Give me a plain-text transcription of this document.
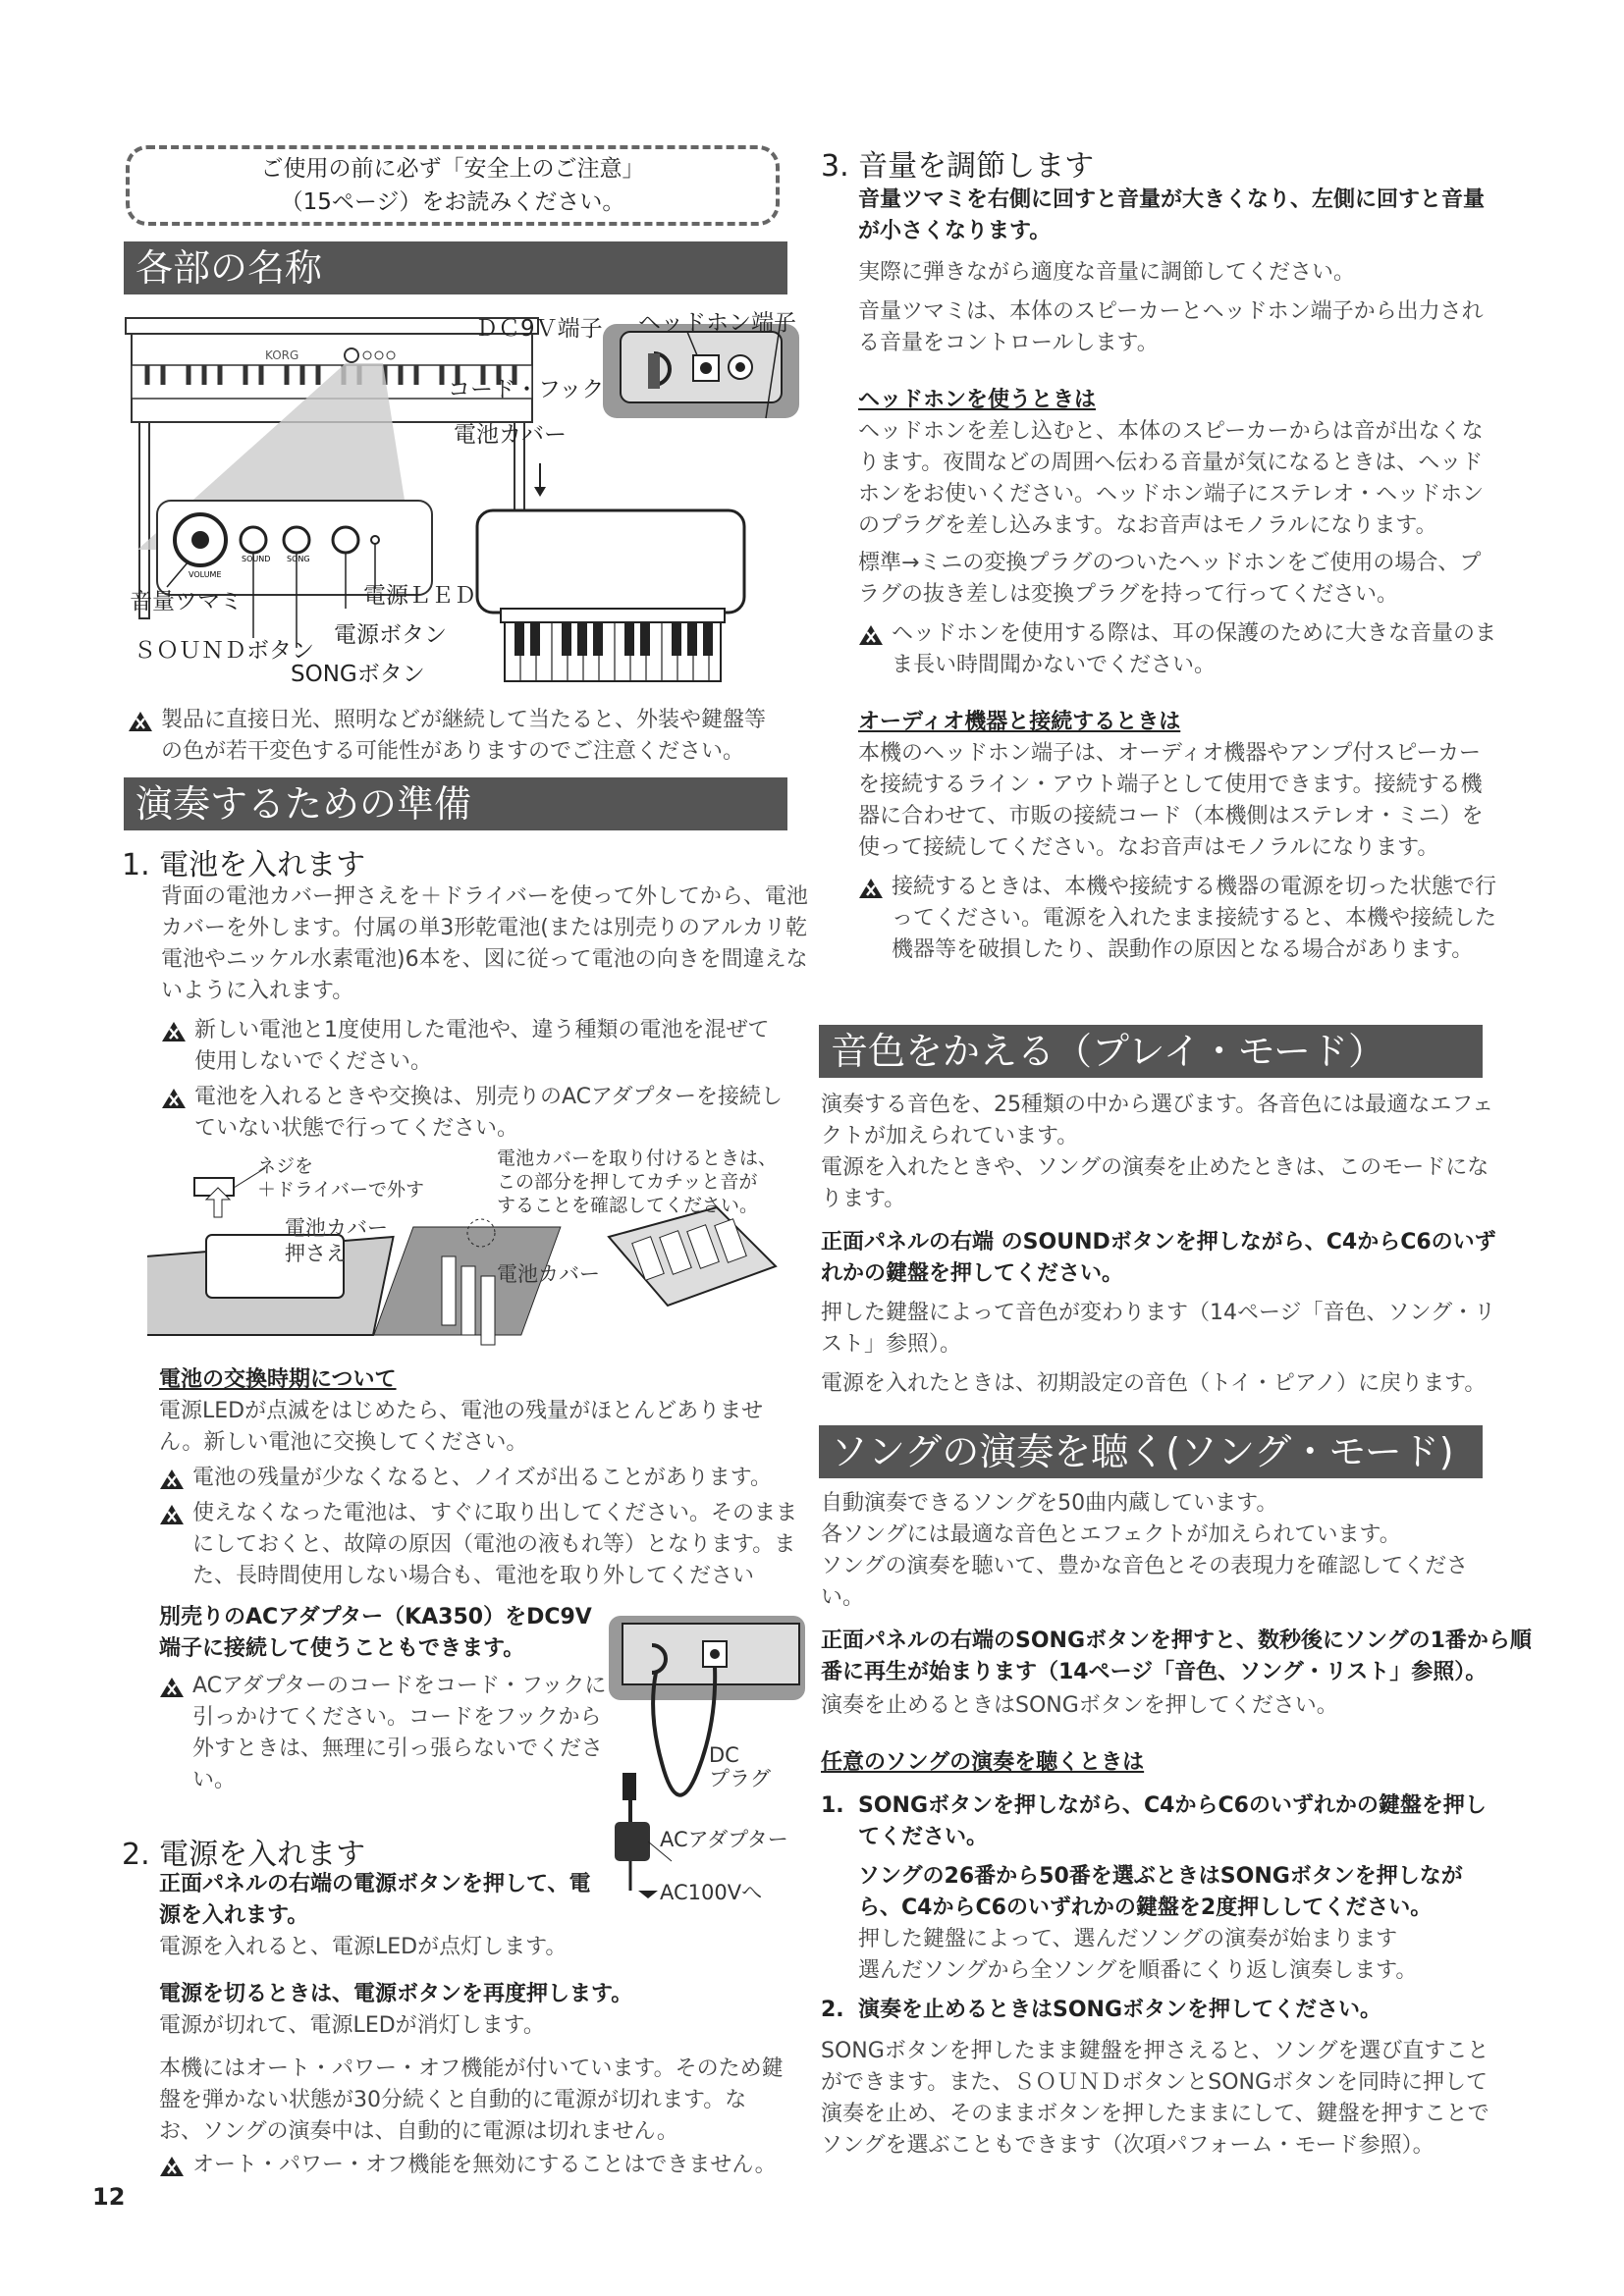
ご使用の前に必ず「安全上のご注意」
（15ページ）をお読みください。
各部の名称
KORG
VOLUME
SOUND SONG
ＤＣ9Ｖ端子 ヘッドホン端子
コード・フック
電池カバー
音量ツマミ	電源ＬＥＤ
ＳＯＵＮＤボタン
電源ボタン
SONGボタン
製品に直接日光、照明などが継続して当たると、外装や鍵盤等の色が若干変色する可能性がありますのでご注意ください。
演奏するための準備
1. 電池を入れます
背面の電池カバー押さえを＋ドライバーを使って外してから、電池カバーを外します。付属の単3形乾電池(または別売りのアルカリ乾電池やニッケル水素電池)6本を、図に従って電池の向きを間違えないように入れます。
新しい電池と1度使用した電池や、違う種類の電池を混ぜて使用しないでください。
電池を入れるときや交換は、別売りのACアダプターを接続していない状態で行ってください。
ネジを
＋ドライバーで外す
電池カバー
押さえ
電池カバーを取り付けるときは、
この部分を押してカチッと音が
することを確認してください。
電池カバー
電池の交換時期について
電源LEDが点滅をはじめたら、電池の残量がほとんどありません。新しい電池に交換してください。
電池の残量が少なくなると、ノイズが出ることがあります。
使えなくなった電池は、すぐに取り出してください。そのままにしておくと、故障の原因（電池の液もれ等）となります。また、長時間使用しない場合も、電池を取り外してください
別売りのACアダプター（KA350）をDC9V端子に接続して使うこともできます。
ACアダプターのコードをコード・フックに引っかけてください。コードをフックから外すときは、無理に引っ張らないでください。
DC
プラグ
ACアダプター
AC100Vへ
2. 電源を入れます
正面パネルの右端の電源ボタンを押して、電源を入れます。
電源を入れると、電源LEDが点灯します。
電源を切るときは、電源ボタンを再度押します。
電源が切れて、電源LEDが消灯します。
本機にはオート・パワー・オフ機能が付いています。そのため鍵盤を弾かない状態が30分続くと自動的に電源が切れます。なお、ソングの演奏中は、自動的に電源は切れません。
オート・パワー・オフ機能を無効にすることはできません。
12
3. 音量を調節します
音量ツマミを右側に回すと音量が大きくなり、左側に回すと音量が小さくなります。
実際に弾きながら適度な音量に調節してください。
音量ツマミは、本体のスピーカーとヘッドホン端子から出力される音量をコントロールします。
ヘッドホンを使うときは
ヘッドホンを差し込むと、本体のスピーカーからは音が出なくなります。夜間などの周囲へ伝わる音量が気になるときは、ヘッドホンをお使いください。ヘッドホン端子にステレオ・ヘッドホンのプラグを差し込みます。なお音声はモノラルになります。
標準→ミニの変換プラグのついたヘッドホンをご使用の場合、プラグの抜き差しは変換プラグを持って行ってください。
ヘッドホンを使用する際は、耳の保護のために大きな音量のまま長い時間聞かないでください。
オーディオ機器と接続するときは
本機のヘッドホン端子は、オーディオ機器やアンプ付スピーカーを接続するライン・アウト端子として使用できます。接続する機器に合わせて、市販の接続コード（本機側はステレオ・ミニ）を使って接続してください。なお音声はモノラルになります。
接続するときは、本機や接続する機器の電源を切った状態で行ってください。電源を入れたまま接続すると、本機や接続した機器等を破損したり、誤動作の原因となる場合があります。
音色をかえる（プレイ・モード）
演奏する音色を、25種類の中から選びます。各音色には最適なエフェクトが加えられています。
電源を入れたときや、ソングの演奏を止めたときは、このモードになります。
正面パネルの右端 のSOUNDボタンを押しながら、C4からC6のいずれかの鍵盤を押してください。
押した鍵盤によって音色が変わります（14ページ「音色、ソング・リスト」参照）。
電源を入れたときは、初期設定の音色（トイ・ピアノ）に戻ります。
ソングの演奏を聴く(ソング・モード)
自動演奏できるソングを50曲内蔵しています。
各ソングには最適な音色とエフェクトが加えられています。
ソングの演奏を聴いて、豊かな音色とその表現力を確認してください。
正面パネルの右端のSONGボタンを押すと、数秒後にソングの1番から順番に再生が始まります（14ページ「音色、ソング・リスト」参照）。
演奏を止めるときはSONGボタンを押してください。
任意のソングの演奏を聴くときは
1. SONGボタンを押しながら、C4からC6のいずれかの鍵盤を押してください。
ソングの26番から50番を選ぶときはSONGボタンを押しながら、C4からC6のいずれかの鍵盤を2度押ししてください。
押した鍵盤によって、選んだソングの演奏が始まります
選んだソングから全ソングを順番にくり返し演奏します。
2. 演奏を止めるときはSONGボタンを押してください。
SONGボタンを押したまま鍵盤を押さえると、ソングを選び直すことができます。また、ＳＯＵＮＤボタンとSONGボタンを同時に押して演奏を止め、そのままボタンを押したままにして、鍵盤を押すことでソングを選ぶこともできます（次項パフォーム・モード参照）。
